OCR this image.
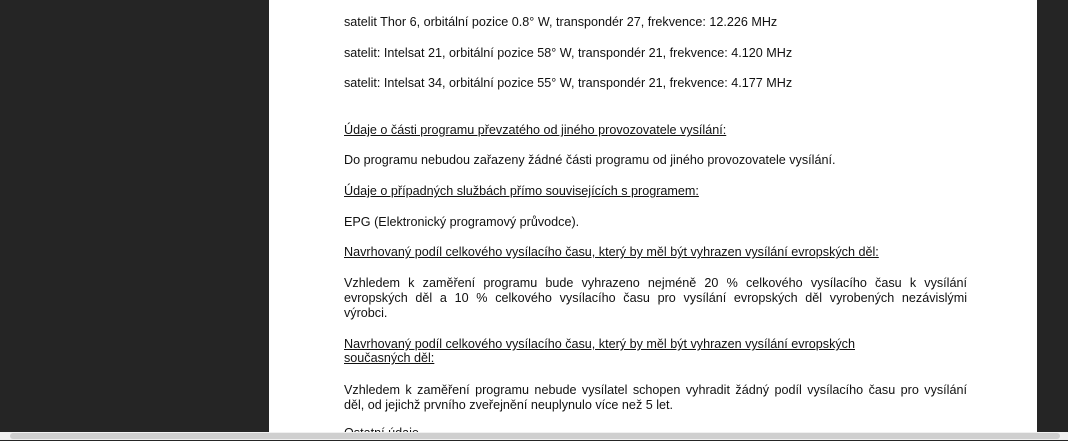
satelit Thor 6, orbitální pozice 0.8° W, transpondér 27, frekvence: 12.226 MHz
satelit: Intelsat 21, orbitální pozice 58° W, transpondér 21, frekvence: 4.120 MHz
satelit: Intelsat 34, orbitální pozice 55° W, transpondér 21, frekvence: 4.177 MHz
Údaje o části programu převzatého od jiného provozovatele vysílání:
Do programu nebudou zařazeny žádné části programu od jiného provozovatele vysílání.
Údaje o případných službách přímo souvisejících s programem:
EPG (Elektronický programový průvodce).
Navrhovaný podíl celkového vysílacího času, který by měl být vyhrazen vysílání evropských děl:
Vzhledem k zaměření programu bude vyhrazeno nejméně 20 % celkového vysílacího času k vysílání
evropských děl a 10 % celkového vysílacího času pro vysílání evropských děl vyrobených nezávislými
výrobci.
Navrhovaný podíl celkového vysílacího času, který by měl být vyhrazen vysílání evropských
současných děl:
Vzhledem k zaměření programu nebude vysílatel schopen vyhradit žádný podíl vysílacího času pro vysílání
děl, od jejichž prvního zveřejnění neuplynulo více než 5 let.
